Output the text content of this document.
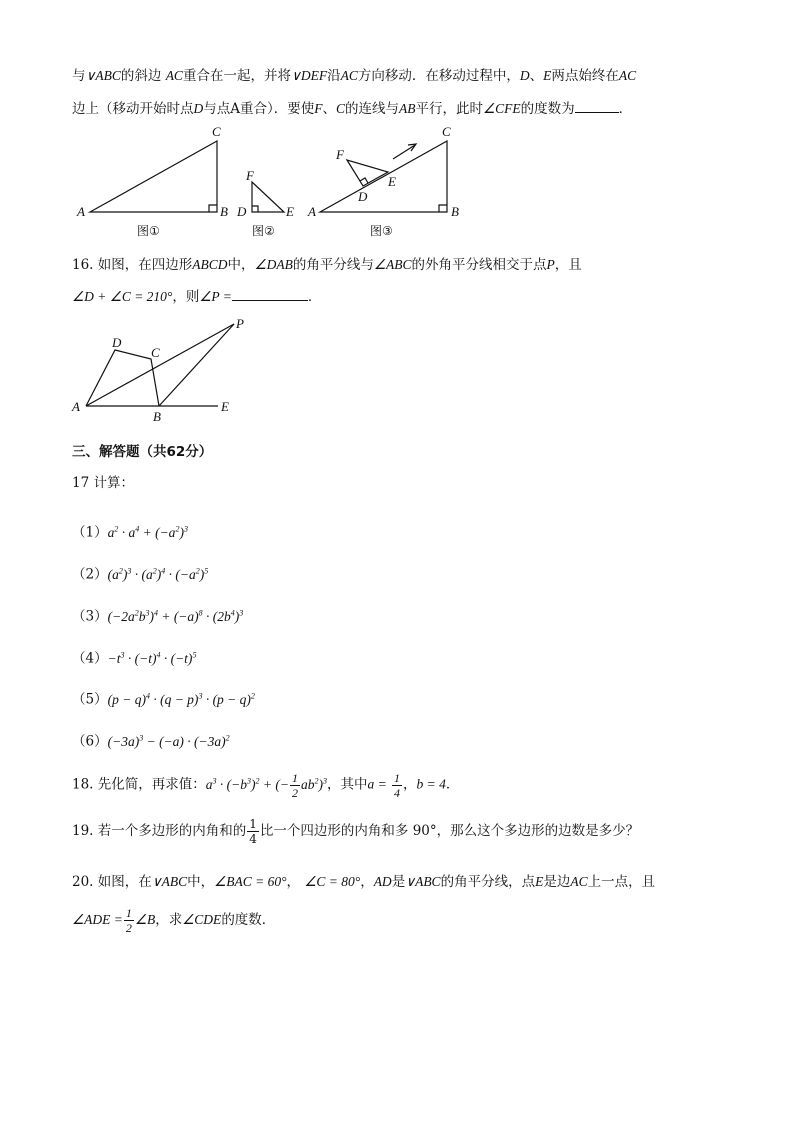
与∨ABC的斜边 AC重合在一起，并将∨DEF沿AC方向移动．在移动过程中，D、E两点始终在AC
边上（移动开始时点D与点A重合）．要使F、C的连线与AB平行，此时∠CFE的度数为	．
A	B
C
图①
F
D	E
图②
A	B
C
F
D
E
图③
16. 如图，在四边形ABCD中，∠DAB的角平分线与∠ABC的外角平分线相交于点P，且
∠D + ∠C = 210°，则∠P =	．
A
B
C
D
E
P
三、解答题（共62分）
17 计算：
$(1)a^2 \cdot a^4 + (-a^2)^3$
$(2)(a^2)^3 \cdot (a^2)^4 \cdot (-a^2)^5$
$(3)(-2a^2b^3)^4 + (-a)^8 \cdot (2b^4)^3$
$(4)-t^3 \cdot (-t)^4 \cdot (-t)^5$
$(5)(p - q)^4 \cdot (q - p)^3 \cdot (p - q)^2$
$(6)(-3a)^3 - (-a) \cdot (-3a)^2$
18. 先化简，再求值：$a^3 \cdot (-b^3)^2$ + (− $\frac{1}{2} ab^2)^3$，其中$a = \frac{1}{4}$ ，b = 4．
19. 若一个多边形的内角和的 $\frac{1}{4}$ 比一个四边形的内角和多 90°，那么这个多边形的边数是多少？
20. 如图，在∨ABC中，∠BAC = 60°， ∠C = 80°，AD是∨ABC的角平分线，点E是边AC上一点，且
∠ADE = $\frac{1}{2}$ ∠B，求∠CDE的度数．
